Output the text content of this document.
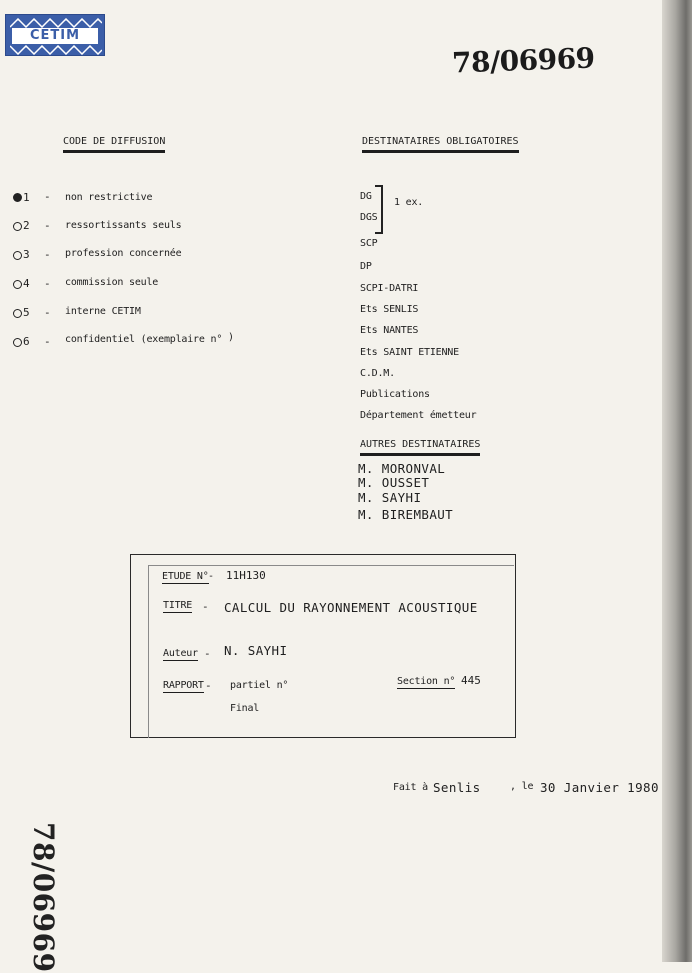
CETIM
78/06969
CODE DE DIFFUSION
1 - non restrictive
2 - ressortissants seuls
3 - profession concernée
4 - commission seule
5 - interne CETIM
6 - confidentiel (exemplaire n° )
DESTINATAIRES OBLIGATOIRES
DG
DGS
1 ex.
SCP
DP
SCPI-DATRI
Ets SENLIS
Ets NANTES
Ets SAINT ETIENNE
C.D.M.
Publications
Département émetteur
AUTRES DESTINATAIRES
M. MORONVAL
M. OUSSET
M. SAYHI
M. BIREMBAUT
ETUDE N° - 11H130
TITRE - CALCUL DU RAYONNEMENT ACOUSTIQUE
Auteur - N. SAYHI
RAPPORT - partiel n°
Final
Section n° 445
Fait à Senlis	, le 30 Janvier 1980
78/06969
